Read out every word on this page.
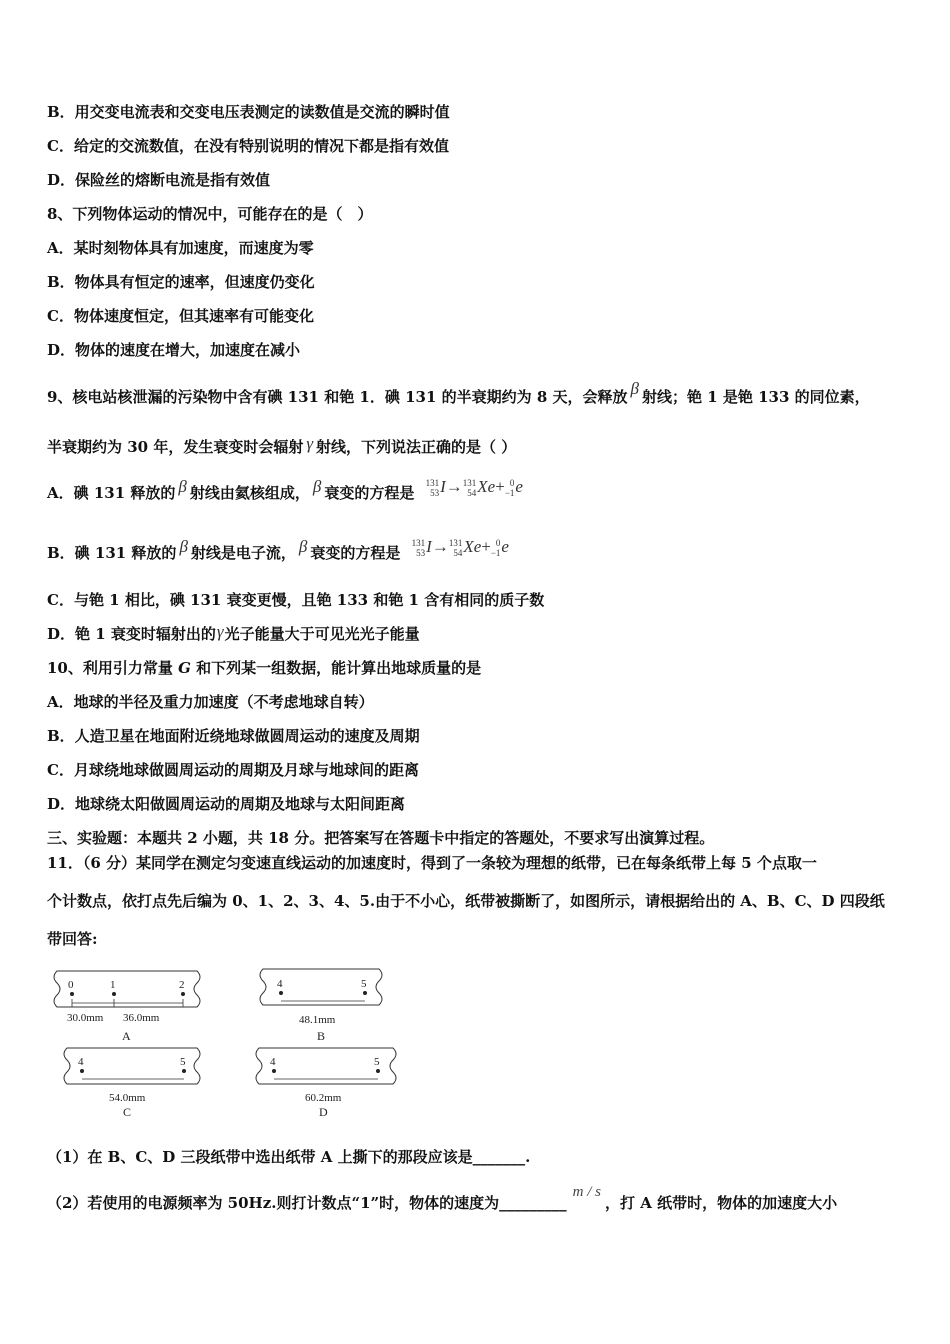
B．用交变电流表和交变电压表测定的读数值是交流的瞬时值
C．给定的交流数值，在没有特别说明的情况下都是指有效值
D．保险丝的熔断电流是指有效值
8、下列物体运动的情况中，可能存在的是（　）
A．某时刻物体具有加速度，而速度为零
B．物体具有恒定的速率，但速度仍变化
C．物体速度恒定，但其速率有可能变化
D．物体的速度在增大，加速度在减小
9、核电站核泄漏的污染物中含有碘 131 和铯 1．碘 131 的半衰期约为 8 天，会释放 β 射线；铯 1 是铯 133 的同位素，
半衰期约为 30 年，发生衰变时会辐射 γ 射线，下列说法正确的是（ ）
A．碘 131 释放的 β 射线由氦核组成， β 衰变的方程是
131
53 I→ 131
54 Xe+ 0
−1 e
B．碘 131 释放的 β 射线是电子流， β 衰变的方程是
131
53 I→ 131
54 Xe+ 0
−1 e
C．与铯 1 相比，碘 131 衰变更慢，且铯 133 和铯 1 含有相同的质子数
D．铯 1 衰变时辐射出的γ光子能量大于可见光光子能量
10、利用引力常量 G 和下列某一组数据，能计算出地球质量的是
A．地球的半径及重力加速度（不考虑地球自转）
B．人造卫星在地面附近绕地球做圆周运动的速度及周期
C．月球绕地球做圆周运动的周期及月球与地球间的距离
D．地球绕太阳做圆周运动的周期及地球与太阳间距离
三、实验题：本题共 2 小题，共 18 分。把答案写在答题卡中指定的答题处，不要求写出演算过程。
11．（6 分）某同学在测定匀变速直线运动的加速度时，得到了一条较为理想的纸带，已在每条纸带上每 5 个点取一
个计数点，依打点先后编为 0、1、2、3、4、5.由于不小心，纸带被撕断了，如图所示，请根据给出的 A、B、C、D 四段纸
带回答:
0	1	2
30.0mm 36.0mm
A
4	5
48.1mm
B
4	5
54.0mm
C
4	5
60.2mm
D
（1）在 B、C、D 三段纸带中选出纸带 A 上撕下的那段应该是_______.
（2）若使用的电源频率为 50Hz.则打计数点“1”时，物体的速度为_________m / s，打 A 纸带时，物体的加速度大小
